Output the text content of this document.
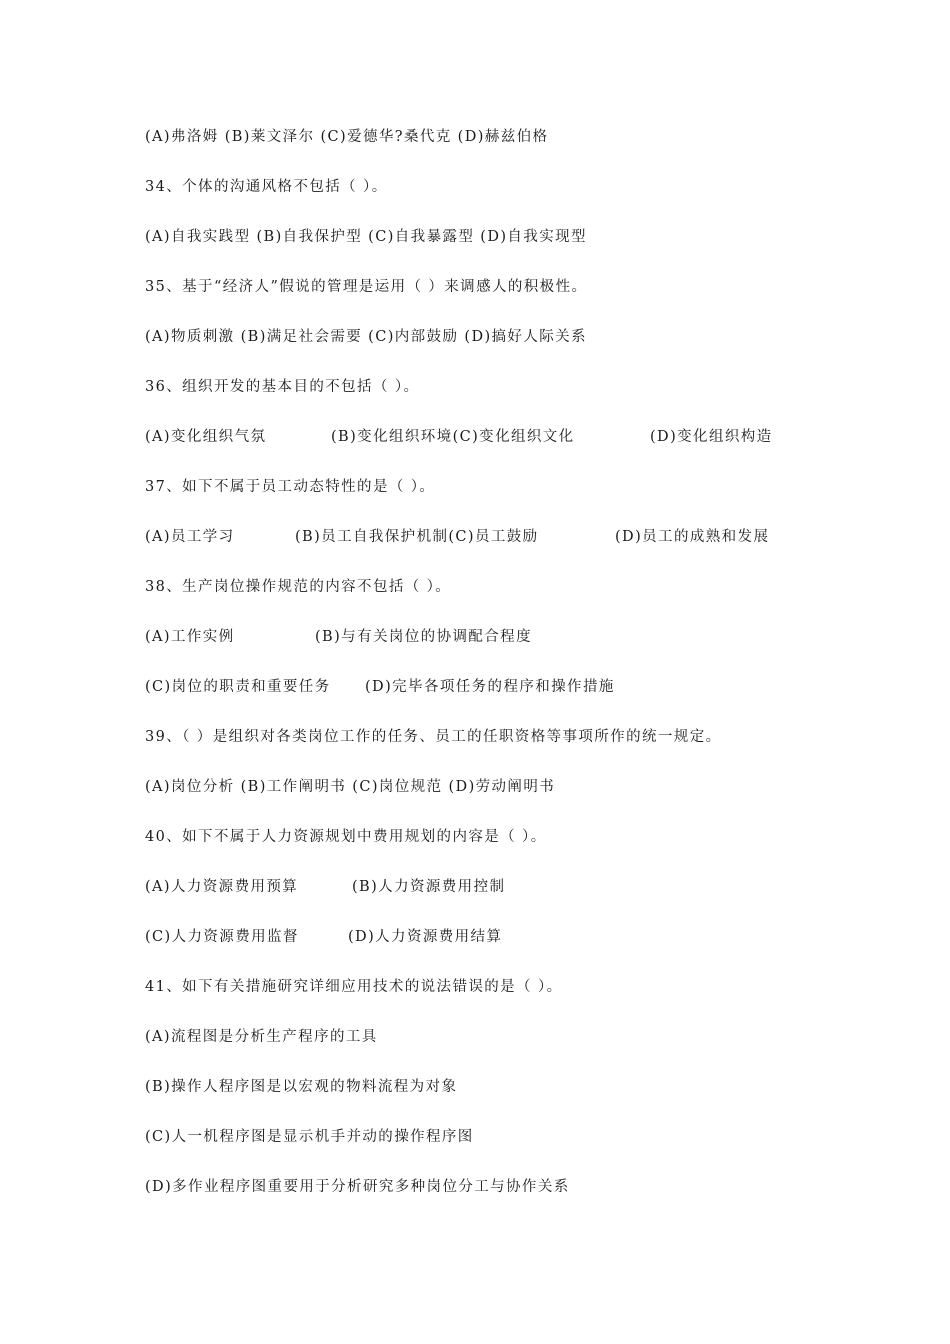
(A)弗洛姆 (B)莱文泽尔 (C)爱德华?桑代克 (D)赫兹伯格
34、个体的沟通风格不包括（ ）。
(A)自我实践型 (B)自我保护型 (C)自我暴露型 (D)自我实现型
35、基于“经济人”假说的管理是运用（ ）来调感人的积极性。
(A)物质刺激 (B)满足社会需要 (C)内部鼓励 (D)搞好人际关系
36、组织开发的基本目的不包括（ ）。

(A)变化组织气氛

	(B)变化组织环境(C)变化组织文化

	(D)变化组织构造

37、如下不属于员工动态特性的是（ ）。

(A)员工学习

	(B)员工自我保护机制(C)员工鼓励

	(D)员工的成熟和发展

38、生产岗位操作规范的内容不包括（ ）。

(A)工作实例

	(B)与有关岗位的协调配合程度

(C)岗位的职责和重要任务

(D)完毕各项任务的程序和操作措施

39、（ ）是组织对各类岗位工作的任务、员工的任职资格等事项所作的统一规定。
(A)岗位分析 (B)工作阐明书 (C)岗位规范 (D)劳动阐明书
40、如下不属于人力资源规划中费用规划的内容是（ ）。

(A)人力资源费用预算

	(B)人力资源费用控制

(C)人力资源费用监督

	(D)人力资源费用结算

41、如下有关措施研究详细应用技术的说法错误的是（ ）。
(A)流程图是分析生产程序的工具
(B)操作人程序图是以宏观的物料流程为对象
(C)人一机程序图是显示机手并动的操作程序图
(D)多作业程序图重要用于分析研究多种岗位分工与协作关系
